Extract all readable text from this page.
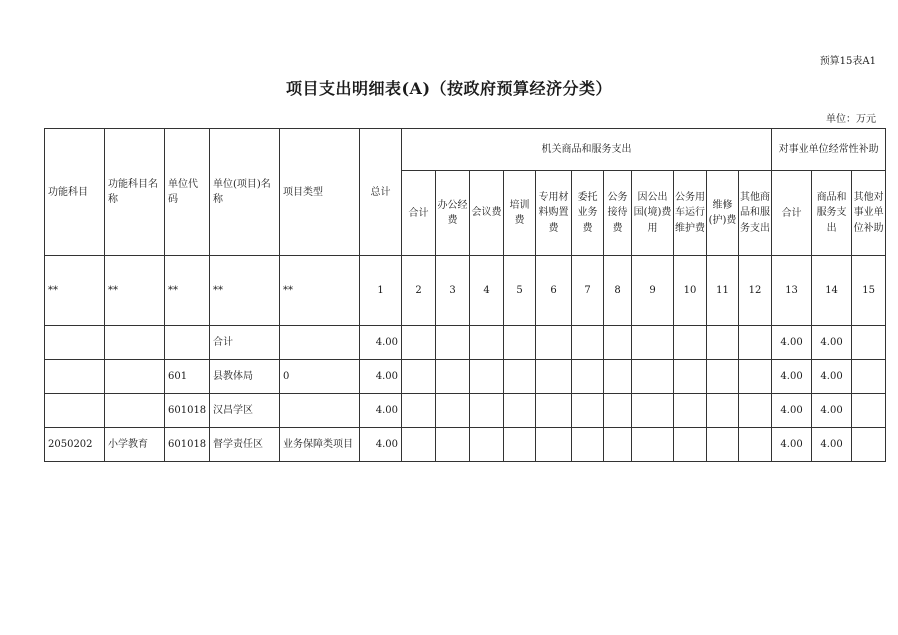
预算15表A1
项目支出明细表(A)（按政府预算经济分类）
单位：万元
功能科目	功能科目名称	单位代码	单位(项目)名称	项目类型	总计	机关商品和服务支出											对事业单位经常性补助		
						合计	办公经费	会议费	培训费	专用材料购置费	委托业务费	公务接待费	因公出国(境)费用	公务用车运行维护费	维修(护)费	其他商品和服务支出	合计	商品和服务支出	其他对事业单位补助
**	**	**	**	**	1	2	3	4	5	6	7	8	9	10	11	12	13	14	15
			合计		4.00												4.00	4.00	
		601	县教体局	0	4.00												4.00	4.00	
		601018	汉昌学区		4.00												4.00	4.00	
2050202	小学教育	601018	督学责任区	业务保障类项目	4.00												4.00	4.00	
